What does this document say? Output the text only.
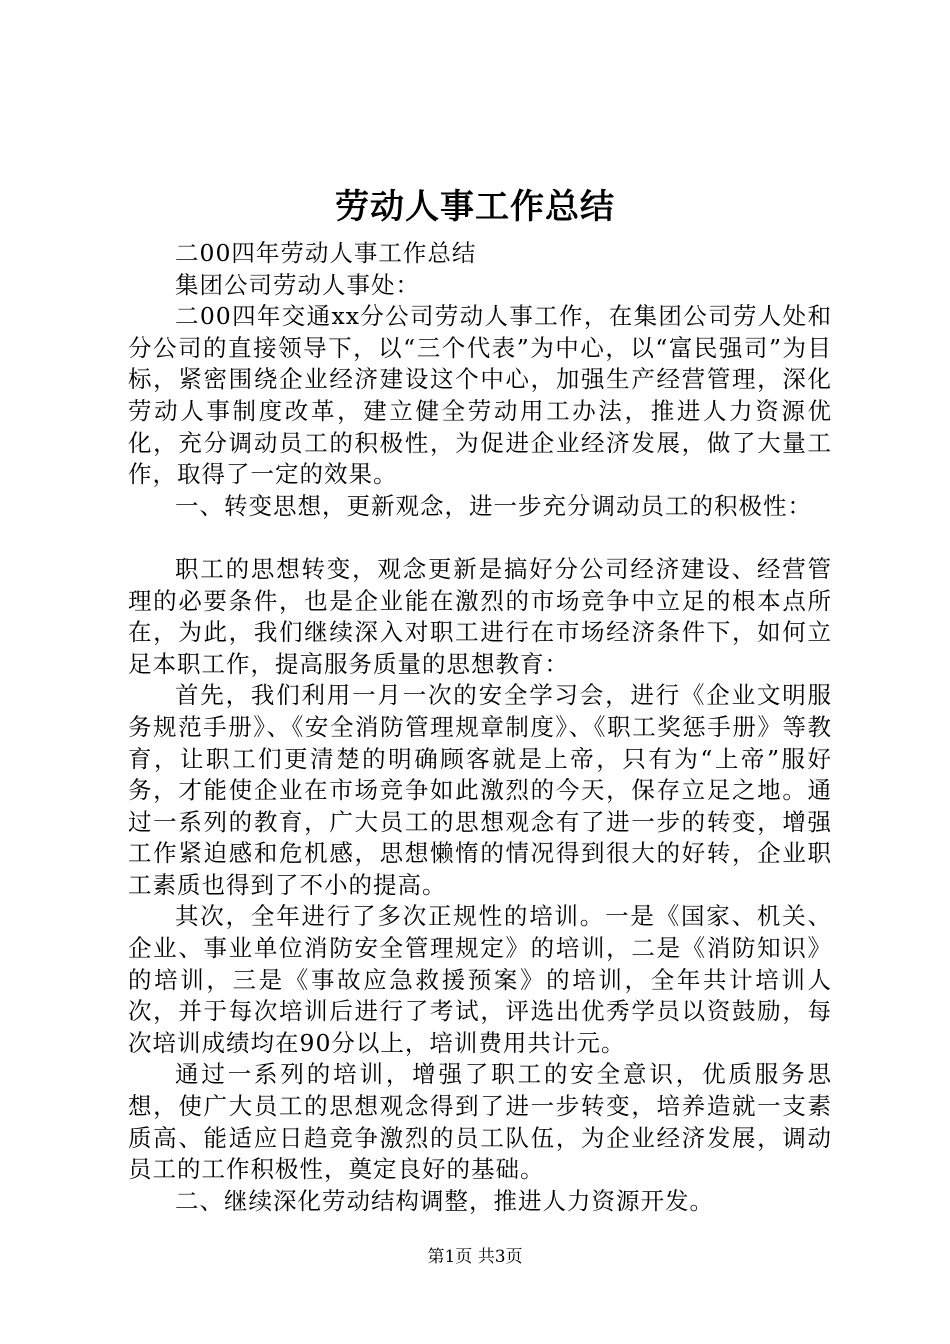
劳动人事工作总结

二00四年劳动人事工作总结

集团公司劳动人事处：

二00四年交通xx分公司劳动人事工作，在集团公司劳人处和分公司的直接领导下，以“三个代表”为中心，以“富民强司”为目标，紧密围绕企业经济建设这个中心，加强生产经营管理，深化劳动人事制度改革，建立健全劳动用工办法，推进人力资源优化，充分调动员工的积极性，为促进企业经济发展，做了大量工作，取得了一定的效果。

一、转变思想，更新观念，进一步充分调动员工的积极性：

职工的思想转变，观念更新是搞好分公司经济建设、经营管理的必要条件，也是企业能在激烈的市场竞争中立足的根本点所在，为此，我们继续深入对职工进行在市场经济条件下，如何立足本职工作，提高服务质量的思想教育：

首先，我们利用一月一次的安全学习会，进行《企业文明服务规范手册》、《安全消防管理规章制度》、《职工奖惩手册》等教育，让职工们更清楚的明确顾客就是上帝，只有为“上帝”服好务，才能使企业在市场竞争如此激烈的今天，保存立足之地。通过一系列的教育，广大员工的思想观念有了进一步的转变，增强工作紧迫感和危机感，思想懒惰的情况得到很大的好转，企业职工素质也得到了不小的提高。

其次，全年进行了多次正规性的培训。一是《国家、机关、企业、事业单位消防安全管理规定》的培训，二是《消防知识》的培训，三是《事故应急救援预案》的培训，全年共计培训人次，并于每次培训后进行了考试，评选出优秀学员以资鼓励，每次培训成绩均在90分以上，培训费用共计元。

通过一系列的培训，增强了职工的安全意识，优质服务思想，使广大员工的思想观念得到了进一步转变，培养造就一支素质高、能适应日趋竞争激烈的员工队伍，为企业经济发展，调动员工的工作积极性，奠定良好的基础。

二、继续深化劳动结构调整，推进人力资源开发。

第1页 共3页
